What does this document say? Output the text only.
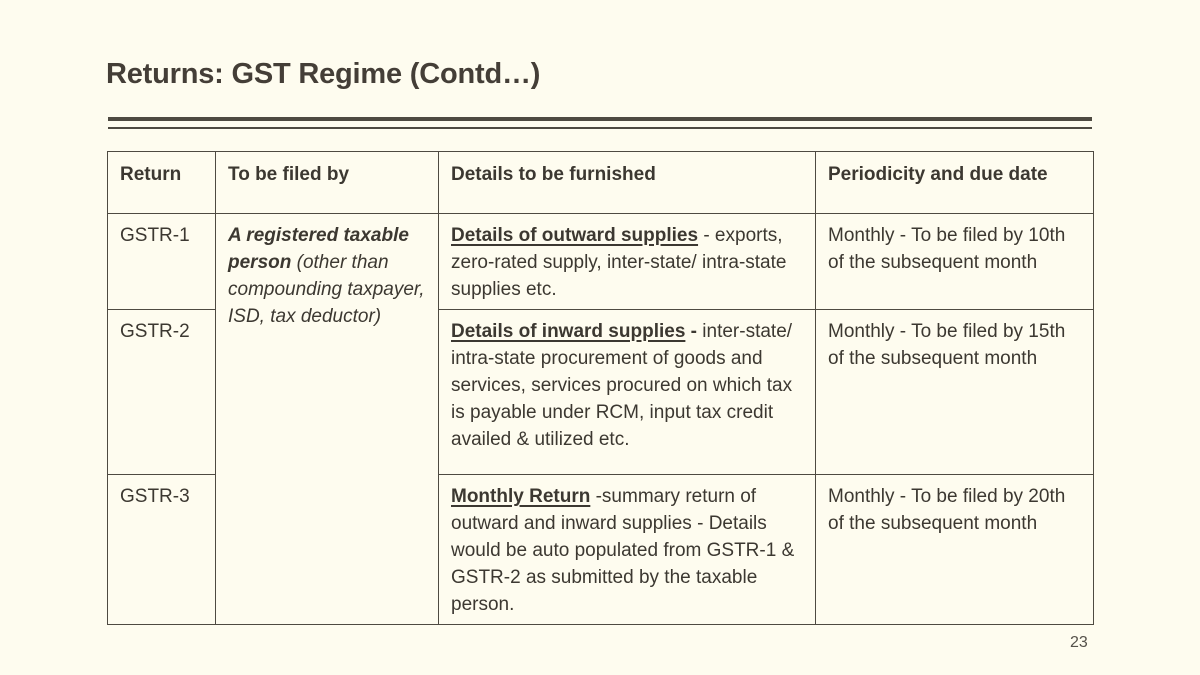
Returns: GST Regime (Contd…)
Return	To be filed by	Details to be furnished	Periodicity and due date
GSTR-1	A registered taxable person (other than compounding taxpayer, ISD, tax deductor)	Details of outward supplies - exports, zero-rated supply, inter-state/ intra-state supplies etc.	Monthly - To be filed by 10th of the subsequent month
GSTR-2		Details of inward supplies - inter-state/ intra-state procurement of goods and services, services procured on which tax is payable under RCM, input tax credit availed & utilized etc.	Monthly - To be filed by 15th of the subsequent month
GSTR-3		Monthly Return -summary return of outward and inward supplies - Details would be auto populated from GSTR-1 & GSTR-2 as submitted by the taxable person.	Monthly - To be filed by 20th of the subsequent month
23
